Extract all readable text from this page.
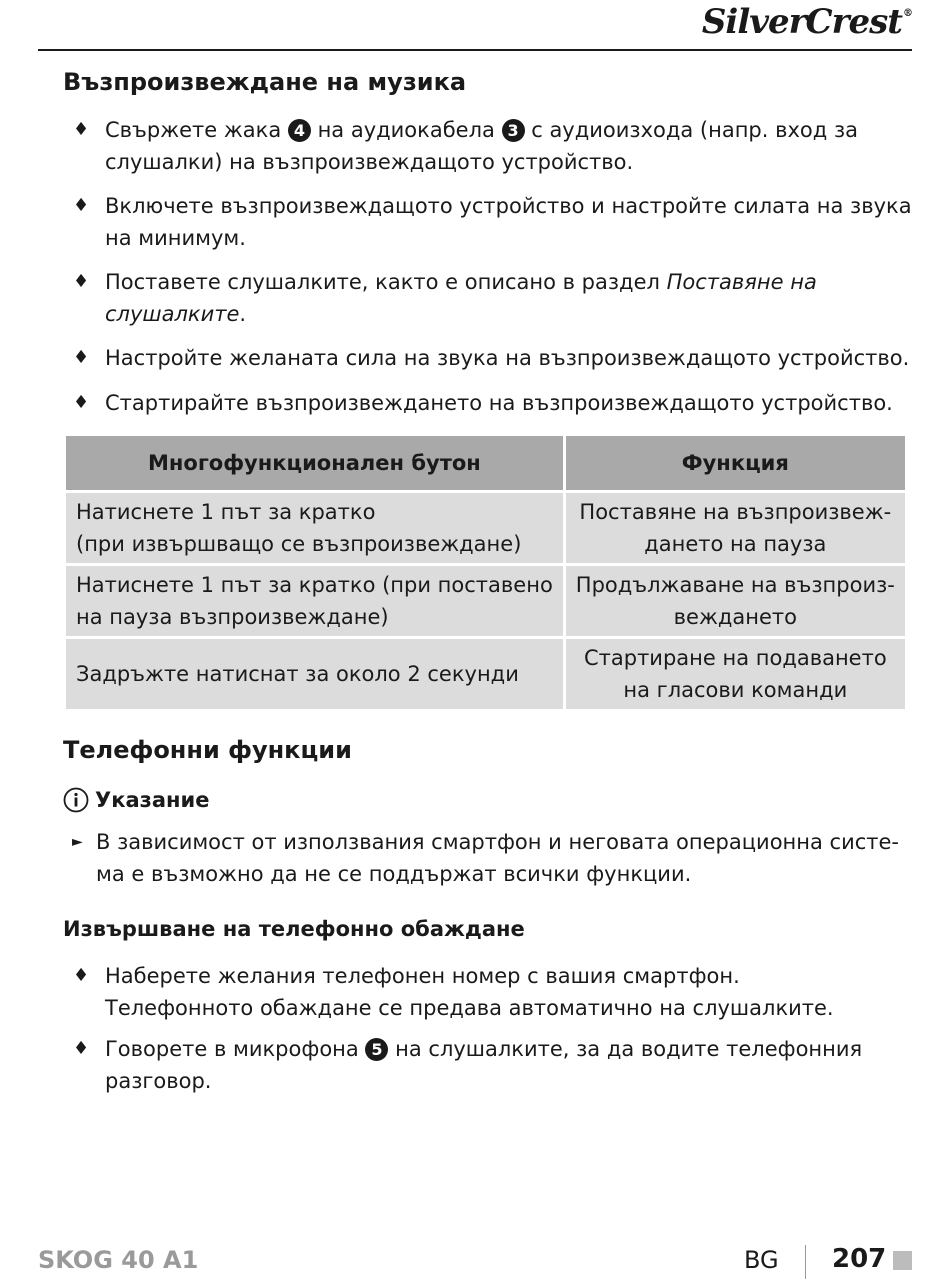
SilverCrest®
Възпроизвеждане на музика
♦ Свържете жака 4 на аудиокабела 3 с аудиоизхода (напр. вход за
слушалки) на възпроизвеждащото устройство.
♦ Включете възпроизвеждащото устройство и настройте силата на звука
на минимум.
♦ Поставете слушалките, както е описано в раздел Поставяне на
слушалките.
♦ Настройте желаната сила на звука на възпроизвеждащото устройство.
♦ Стартирайте възпроизвеждането на възпроизвеждащото устройство.
Многофункционален бутон	Функция

Натиснете 1 път за кратко
(при извършващо се възпроизвеждане)	Поставяне на възпроизвеж-
дането на пауза

Натиснете 1 път за кратко (при поставено
на пауза възпроизвеждане)	Продължаване на възпроиз-
веждането

Задръжте натиснат за около 2 секунди	Стартиране на подаването
на гласови команди
Телефонни функции
Указание
► В зависимост от използвания смартфон и неговата операционна систе-
ма е възможно да не се поддържат всички функции.
Извършване на телефонно обаждане
♦ Наберете желания телефонен номер с вашия смартфон.
Телефонното обаждане се предава автоматично на слушалките.
♦ Говорете в микрофона 5 на слушалките, за да водите телефонния
разговор.
SKOG 40 A1	BG 207
